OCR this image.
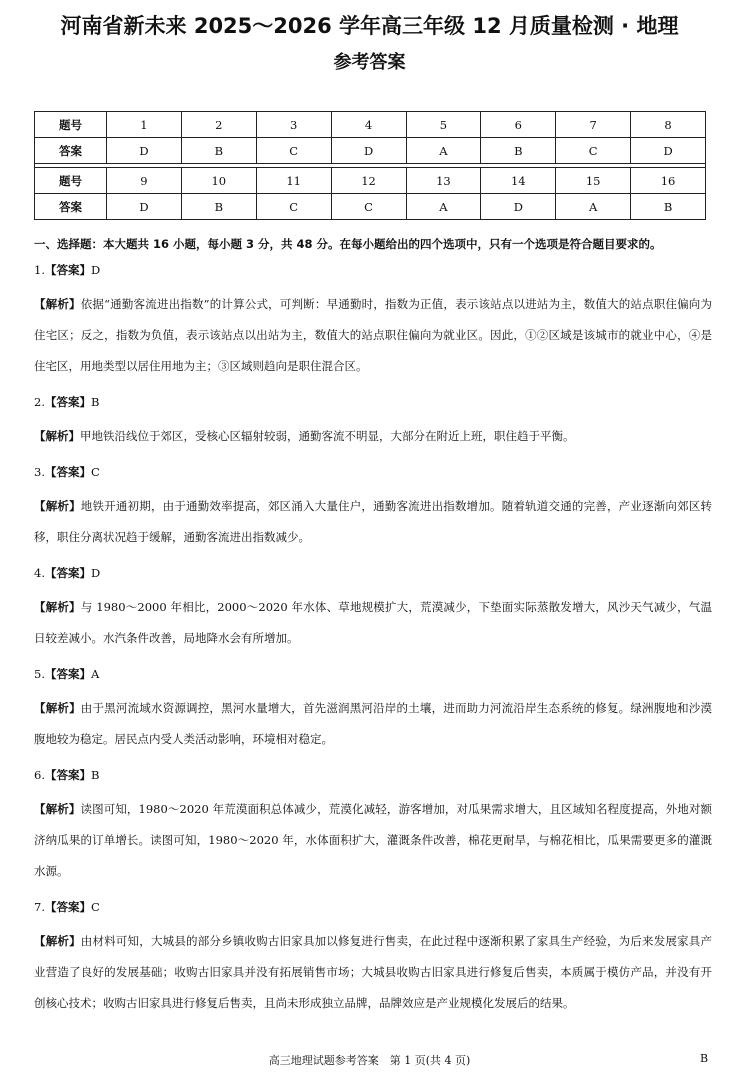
河南省新未来 2025～2026 学年高三年级 12 月质量检测 · 地理
参考答案
题号	1	2	3	4	5	6	7	8
答案	D	B	C	D	A	B	C	D

题号	9	10	11	12	13	14	15	16
答案	D	B	C	C	A	D	A	B
一、选择题：本大题共 16 小题，每小题 3 分，共 48 分。在每小题给出的四个选项中，只有一个选项是符合题目要求的。
1.【答案】D
【解析】依据“通勤客流进出指数”的计算公式，可判断：早通勤时，指数为正值，表示该站点以进站为主，数值大的站点职住偏向为住宅区；反之，指数为负值，表示该站点以出站为主，数值大的站点职住偏向为就业区。因此，①②区域是该城市的就业中心，④是住宅区，用地类型以居住用地为主；③区域则趋向是职住混合区。
2.【答案】B
【解析】甲地铁沿线位于郊区，受核心区辐射较弱，通勤客流不明显，大部分在附近上班，职住趋于平衡。
3.【答案】C
【解析】地铁开通初期，由于通勤效率提高，郊区涌入大量住户，通勤客流进出指数增加。随着轨道交通的完善，产业逐渐向郊区转移，职住分离状况趋于缓解，通勤客流进出指数减少。
4.【答案】D
【解析】与 1980～2000 年相比，2000～2020 年水体、草地规模扩大，荒漠减少，下垫面实际蒸散发增大，风沙天气减少，气温日较差减小。水汽条件改善，局地降水会有所增加。
5.【答案】A
【解析】由于黑河流域水资源调控，黑河水量增大，首先滋润黑河沿岸的土壤，进而助力河流沿岸生态系统的修复。绿洲腹地和沙漠腹地较为稳定。居民点内受人类活动影响，环境相对稳定。
6.【答案】B
【解析】读图可知，1980～2020 年荒漠面积总体减少，荒漠化减轻，游客增加，对瓜果需求增大，且区域知名程度提高，外地对额济纳瓜果的订单增长。读图可知，1980～2020 年，水体面积扩大，灌溉条件改善，棉花更耐旱，与棉花相比，瓜果需要更多的灌溉水源。
7.【答案】C
【解析】由材料可知，大城县的部分乡镇收购古旧家具加以修复进行售卖，在此过程中逐渐积累了家具生产经验，为后来发展家具产业营造了良好的发展基础；收购古旧家具并没有拓展销售市场；大城县收购古旧家具进行修复后售卖，本质属于模仿产品，并没有开创核心技术；收购古旧家具进行修复后售卖，且尚未形成独立品牌，品牌效应是产业规模化发展后的结果。
高三地理试题参考答案　第 1 页(共 4 页)	B
